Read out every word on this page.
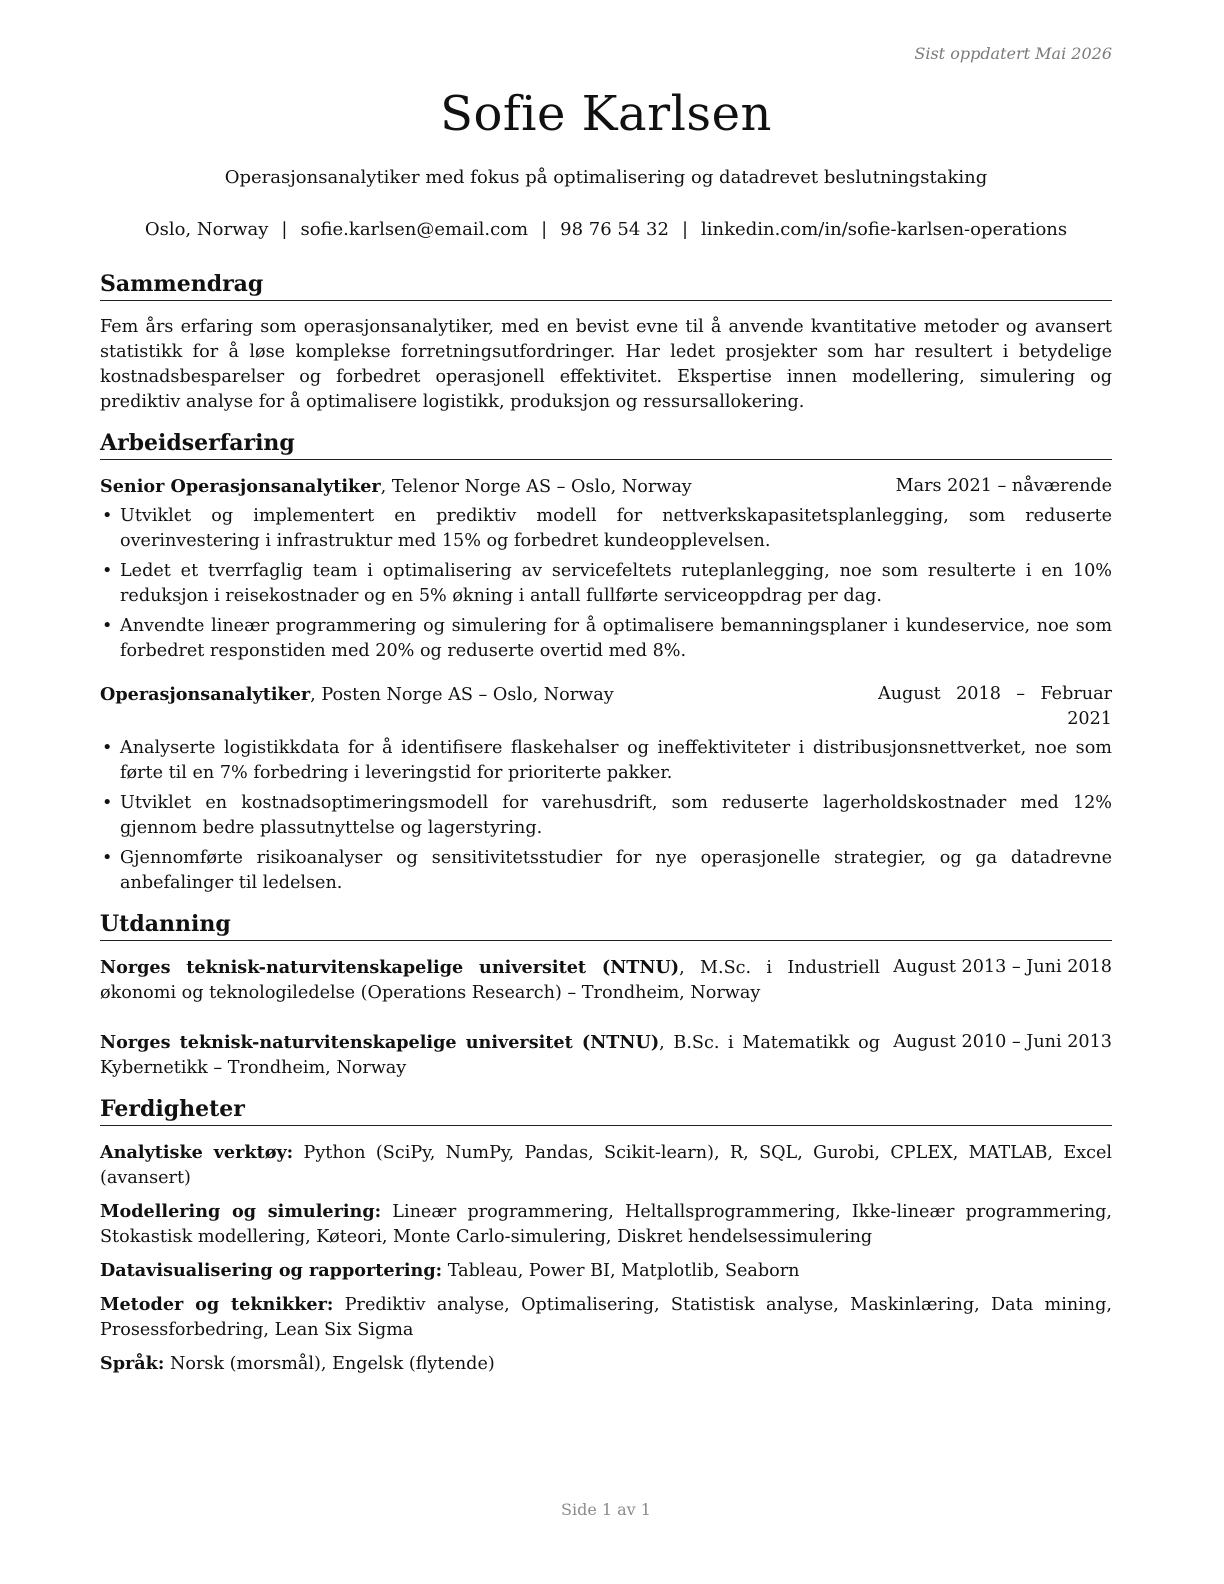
Sist oppdatert Mai 2026
Sofie Karlsen
Operasjonsanalytiker med fokus på optimalisering og datadrevet beslutningstaking
Oslo, Norway | sofie.karlsen@email.com | 98 76 54 32 | linkedin.com/in/sofie-karlsen-operations
Sammendrag

Fem års erfaring som operasjonsanalytiker, med en bevist evne til å anvende kvantitative metoder og avansert statistikk for å løse komplekse forretningsutfordringer. Har ledet prosjekter som har resultert i betydelige kostnadsbesparelser og forbedret operasjonell effektivitet. Ekspertise innen modellering, simulering og prediktiv analyse for å optimalisere logistikk, produksjon og ressursallokering.

Arbeidserfaring
Senior Operasjonsanalytiker, Telenor Norge AS – Oslo, Norway	Mars 2021 – nåværende
• Utviklet og implementert en prediktiv modell for nettverkskapasitetsplanlegging, som reduserte overinvestering i infrastruktur med 15% og forbedret kundeopplevelsen.
• Ledet et tverrfaglig team i optimalisering av servicefeltets ruteplanlegging, noe som resulterte i en 10% reduksjon i reisekostnader og en 5% økning i antall fullførte serviceoppdrag per dag.
• Anvendte lineær programmering og simulering for å optimalisere bemanningsplaner i kundeservice, noe som forbedret responstiden med 20% og reduserte overtid med 8%.
Operasjonsanalytiker, Posten Norge AS – Oslo, Norway	August 2018 – Februar 2021
• Analyserte logistikkdata for å identifisere flaskehalser og ineffektiviteter i distribusjonsnettverket, noe som førte til en 7% forbedring i leveringstid for prioriterte pakker.
• Utviklet en kostnadsoptimeringsmodell for varehusdrift, som reduserte lagerholdskostnader med 12% gjennom bedre plassutnyttelse og lagerstyring.
• Gjennomførte risikoanalyser og sensitivitetsstudier for nye operasjonelle strategier, og ga datadrevne anbefalinger til ledelsen.
Utdanning
Norges teknisk-naturvitenskapelige universitet (NTNU), M.Sc. i Industriell økonomi og teknologiledelse (Operations Research) – Trondheim, Norway
August 2013 – Juni 2018
Norges teknisk-naturvitenskapelige universitet (NTNU), B.Sc. i Matematikk og Kybernetikk – Trondheim, Norway
August 2010 – Juni 2013
Ferdigheter
Analytiske verktøy: Python (SciPy, NumPy, Pandas, Scikit-learn), R, SQL, Gurobi, CPLEX, MATLAB, Excel (avansert)
Modellering og simulering: Lineær programmering, Heltallsprogrammering, Ikke-lineær programmering, Stokastisk modellering, Køteori, Monte Carlo-simulering, Diskret hendelsessimulering
Datavisualisering og rapportering: Tableau, Power BI, Matplotlib, Seaborn
Metoder og teknikker: Prediktiv analyse, Optimalisering, Statistisk analyse, Maskinlæring, Data mining, Prosessforbedring, Lean Six Sigma
Språk: Norsk (morsmål), Engelsk (flytende)
Side 1 av 1
